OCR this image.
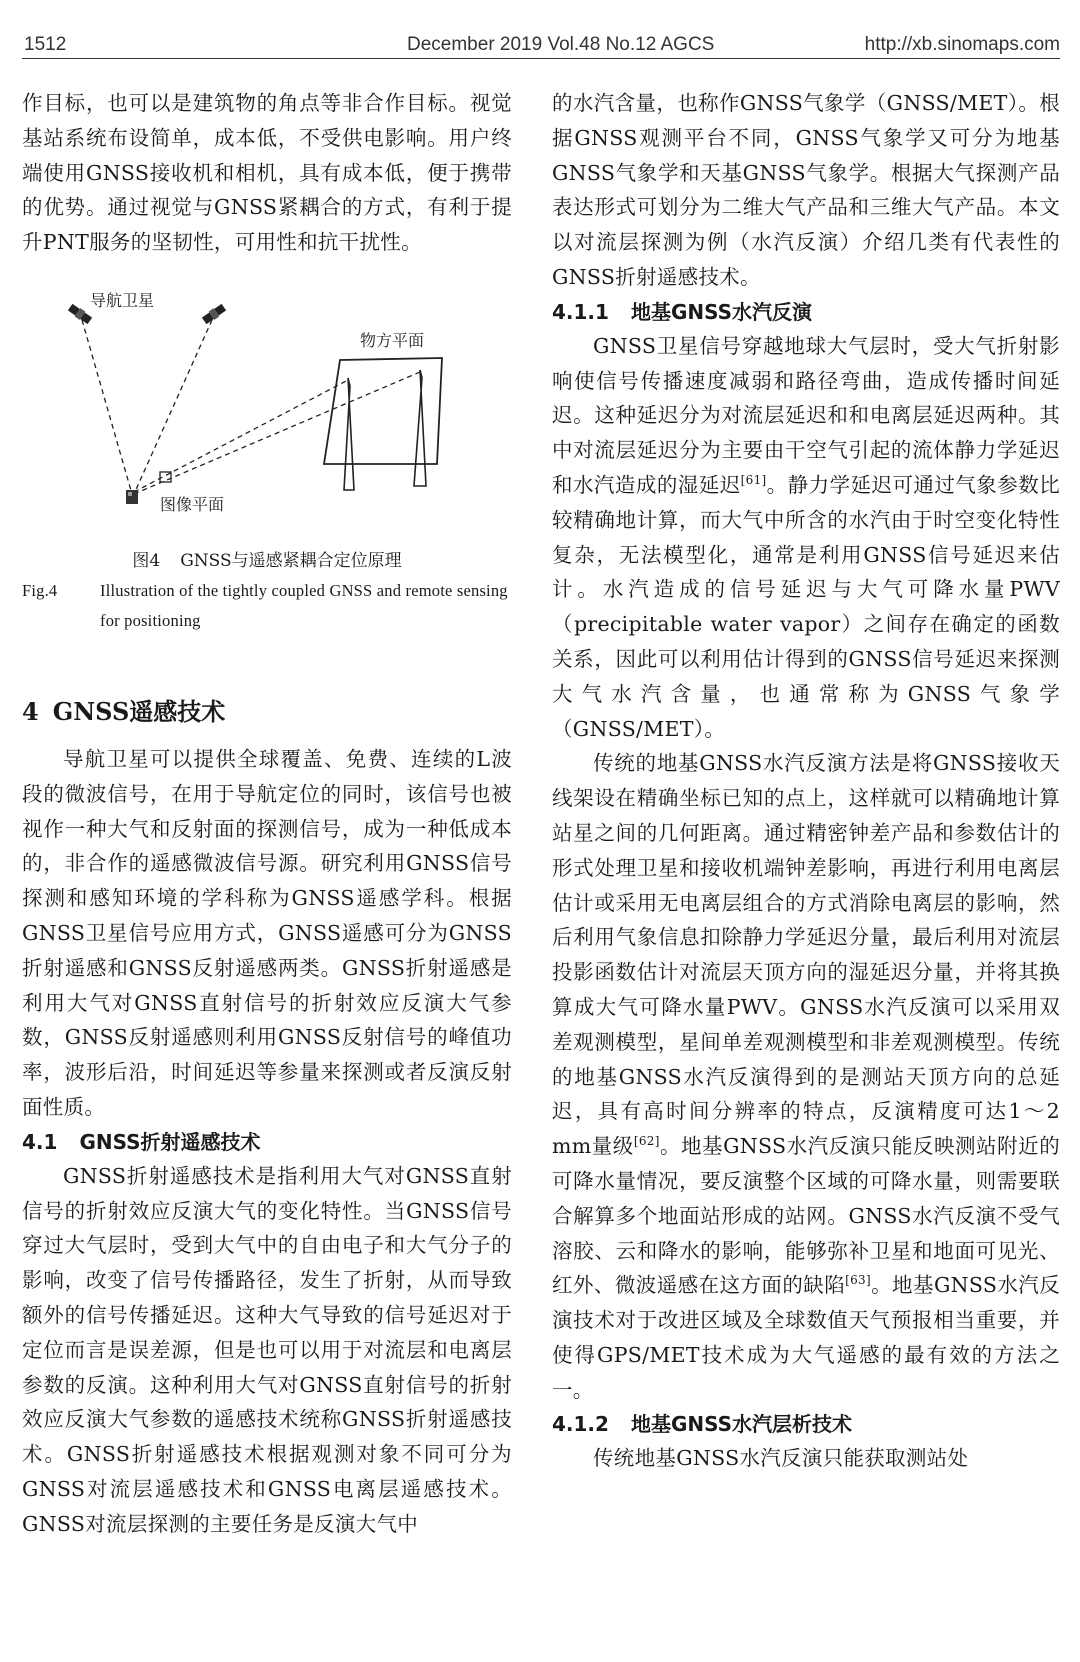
1512	December 2019 Vol.48 No.12 AGCS	http://xb.sinomaps.com

作目标，也可以是建筑物的角点等非合作目标。视觉基站系统布设简单，成本低，不受供电影响。用户终端使用GNSS接收机和相机，具有成本低，便于携带的优势。通过视觉与GNSS紧耦合的方式，有利于提升PNT服务的坚韧性，可用性和抗干扰性。

导航卫星
物方平面
图像平面

图4 GNSS与遥感紧耦合定位原理

Fig.4	Illustration of the tightly coupled GNSS and remote sensing for positioning

4 GNSS遥感技术

导航卫星可以提供全球覆盖、免费、连续的L波段的微波信号，在用于导航定位的同时，该信号也被视作一种大气和反射面的探测信号，成为一种低成本的，非合作的遥感微波信号源。研究利用GNSS信号探测和感知环境的学科称为GNSS遥感学科。根据GNSS卫星信号应用方式，GNSS遥感可分为GNSS折射遥感和GNSS反射遥感两类。GNSS折射遥感是利用大气对GNSS直射信号的折射效应反演大气参数，GNSS反射遥感则利用GNSS反射信号的峰值功率，波形后沿，时间延迟等参量来探测或者反演反射面性质。

4.1 GNSS折射遥感技术

GNSS折射遥感技术是指利用大气对GNSS直射信号的折射效应反演大气的变化特性。当GNSS信号穿过大气层时，受到大气中的自由电子和大气分子的影响，改变了信号传播路径，发生了折射，从而导致额外的信号传播延迟。这种大气导致的信号延迟对于定位而言是误差源，但是也可以用于对流层和电离层参数的反演。这种利用大气对GNSS直射信号的折射效应反演大气参数的遥感技术统称GNSS折射遥感技术。GNSS折射遥感技术根据观测对象不同可分为GNSS对流层遥感技术和GNSS电离层遥感技术。GNSS对流层探测的主要任务是反演大气中

的水汽含量，也称作GNSS气象学（GNSS/MET）。根据GNSS观测平台不同，GNSS气象学又可分为地基GNSS气象学和天基GNSS气象学。根据大气探测产品表达形式可划分为二维大气产品和三维大气产品。本文以对流层探测为例（水汽反演）介绍几类有代表性的GNSS折射遥感技术。

4.1.1 地基GNSS水汽反演

GNSS卫星信号穿越地球大气层时，受大气折射影响使信号传播速度减弱和路径弯曲，造成传播时间延迟。这种延迟分为对流层延迟和和电离层延迟两种。其中对流层延迟分为主要由干空气引起的流体静力学延迟和水汽造成的湿延迟[61]。静力学延迟可通过气象参数比较精确地计算，而大气中所含的水汽由于时空变化特性复杂，无法模型化，通常是利用GNSS信号延迟来估计。水汽造成的信号延迟与大气可降水量PWV（precipitable water vapor）之间存在确定的函数关系，因此可以利用估计得到的GNSS信号延迟来探测大气水汽含量，也通常称为GNSS气象学（GNSS/MET）。

传统的地基GNSS水汽反演方法是将GNSS接收天线架设在精确坐标已知的点上，这样就可以精确地计算站星之间的几何距离。通过精密钟差产品和参数估计的形式处理卫星和接收机端钟差影响，再进行利用电离层估计或采用无电离层组合的方式消除电离层的影响，然后利用气象信息扣除静力学延迟分量，最后利用对流层投影函数估计对流层天顶方向的湿延迟分量，并将其换算成大气可降水量PWV。GNSS水汽反演可以采用双差观测模型，星间单差观测模型和非差观测模型。传统的地基GNSS水汽反演得到的是测站天顶方向的总延迟，具有高时间分辨率的特点，反演精度可达1～2 mm量级[62]。地基GNSS水汽反演只能反映测站附近的可降水量情况，要反演整个区域的可降水量，则需要联合解算多个地面站形成的站网。GNSS水汽反演不受气溶胶、云和降水的影响，能够弥补卫星和地面可见光、红外、微波遥感在这方面的缺陷[63]。地基GNSS水汽反演技术对于改进区域及全球数值天气预报相当重要，并使得GPS/MET技术成为大气遥感的最有效的方法之一。

4.1.2 地基GNSS水汽层析技术

传统地基GNSS水汽反演只能获取测站处
